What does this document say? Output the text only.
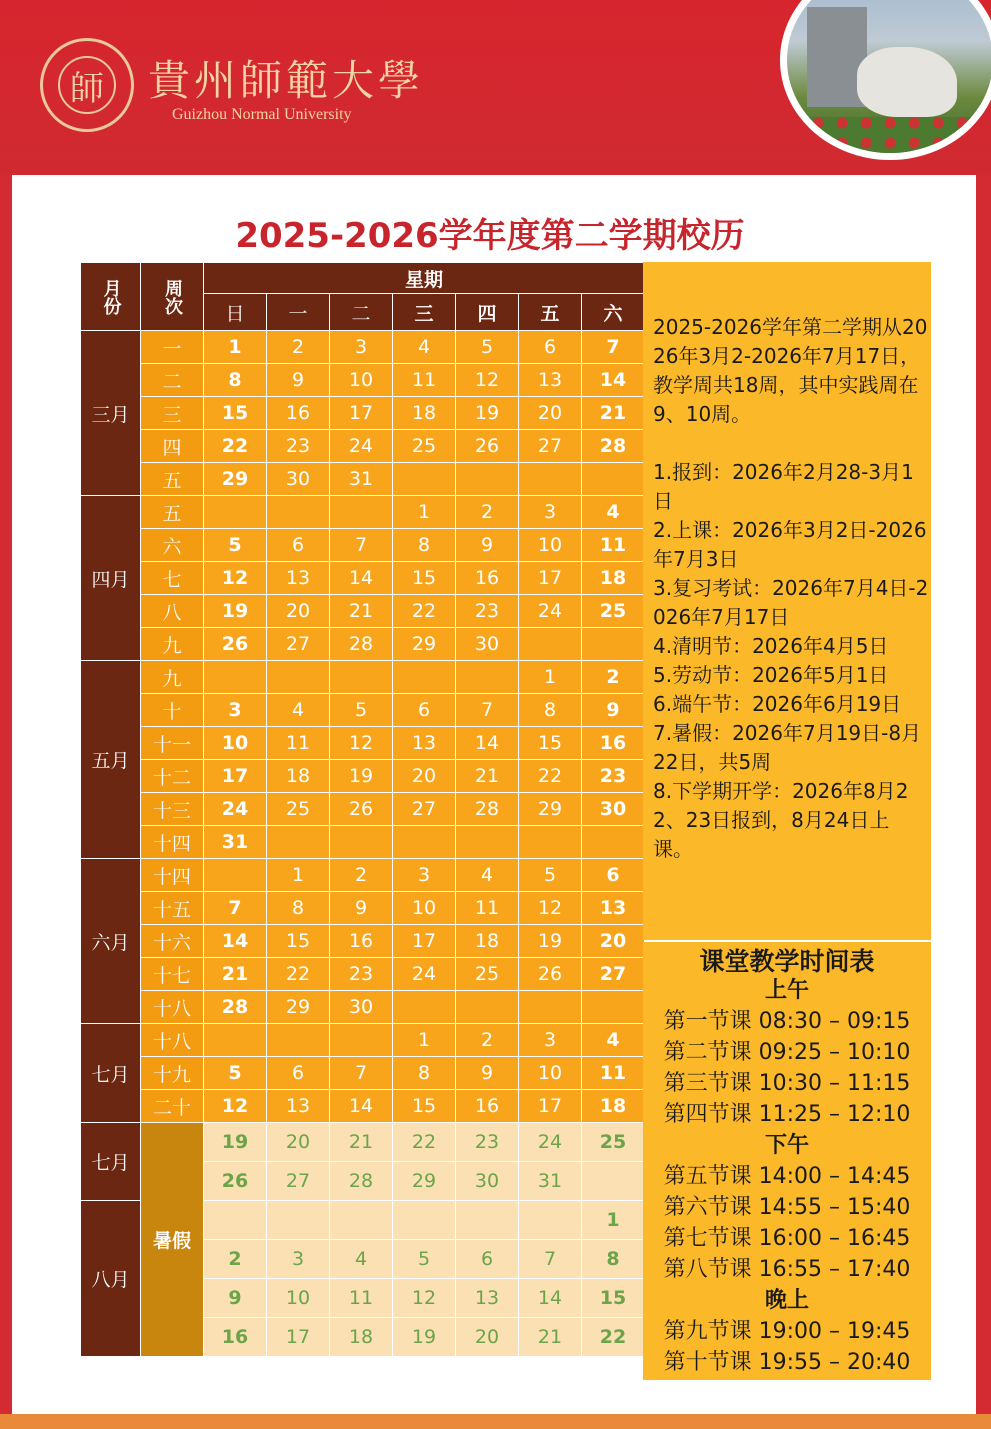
師 貴州師範大學
Guizhou Normal University
2025-2026学年度第二学期校历
月份	周次	星期						
		日	一	二	三	四	五	六
三月	一	1	2	3	4	5	6	7
	二	8	9	10	11	12	13	14
	三	15	16	17	18	19	20	21
	四	22	23	24	25	26	27	28
	五	29	30	31				
四月	五				1	2	3	4
	六	5	6	7	8	9	10	11
	七	12	13	14	15	16	17	18
	八	19	20	21	22	23	24	25
	九	26	27	28	29	30		
五月	九						1	2
	十	3	4	5	6	7	8	9
	十一	10	11	12	13	14	15	16
	十二	17	18	19	20	21	22	23
	十三	24	25	26	27	28	29	30
	十四	31						
六月	十四		1	2	3	4	5	6
	十五	7	8	9	10	11	12	13
	十六	14	15	16	17	18	19	20
	十七	21	22	23	24	25	26	27
	十八	28	29	30				
七月	十八				1	2	3	4
	十九	5	6	7	8	9	10	11
	二十	12	13	14	15	16	17	18
七月	暑假	19	20	21	22	23	24	25
		26	27	28	29	30	31	
八月								1
		2	3	4	5	6	7	8
		9	10	11	12	13	14	15
		16	17	18	19	20	21	22
2025-2026学年第二学期从2026年3月2-2026年7月17日，教学周共18周，其中实践周在9、10周。

1.报到：2026年2月28-3月1日
2.上课：2026年3月2日-2026年7月3日
3.复习考试：2026年7月4日-2026年7月17日
4.清明节：2026年4月5日
5.劳动节：2026年5月1日
6.端午节：2026年6月19日
7.暑假：2026年7月19日-8月22日，共5周
8.下学期开学：2026年8月22、23日报到，8月24日上课。
课堂教学时间表
上午
第一节课 08:30 – 09:15
第二节课 09:25 – 10:10
第三节课 10:30 – 11:15
第四节课 11:25 – 12:10
下午
第五节课 14:00 – 14:45
第六节课 14:55 – 15:40
第七节课 16:00 – 16:45
第八节课 16:55 – 17:40
晚上
第九节课 19:00 – 19:45
第十节课 19:55 – 20:40
